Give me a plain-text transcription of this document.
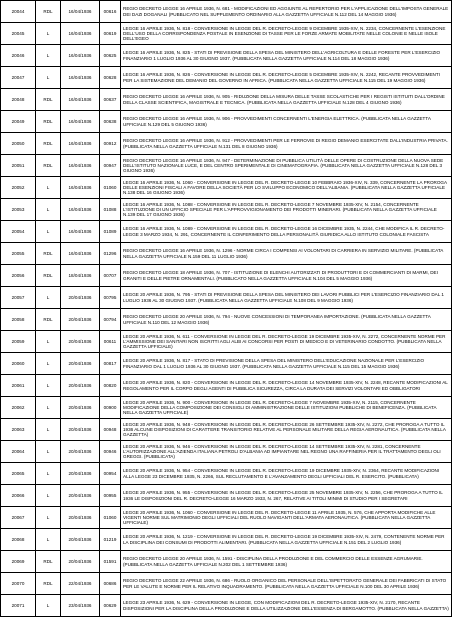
20044	RDL	16/04/1936	00616	REGIO DECRETO LEGGE 16 APRILE 1936, N. 681 - MODIFICAZIONI ED AGGIUNTE AL REPERTORIO PER L'APPLICAZIONE DELL'IMPOSTA GENERALE DEI DAZI DOGANALI (PUBBLICATO NEL SUPPLEMENTO ORDINARIO ALLA GAZZETTA UFFICIALE N.112 DEL 14 MAGGIO 1936)
20045	L	16/04/1936	00619	LEGGE 16 APRILE 1936, N. 818 - CONVERSIONE IN LEGGE DEL R. DECRETO-LEGGE 9 DICEMBRE 1935-XIV, N. 2234, CONCERNENTE L'ESENZIONE DELL'USO DELLA CORRISPONDENZA POSTALE IN ESENZIONE DI TASSE PER LE FORZE ARMATE MOBILITATE NELLE COLONIE E NELLE ISOLE DELL'EGEO
20046	L	16/04/1936	00625	LEGGE 16 APRILE 1936, N. 825 - STATI DI PREVISIONE DELLA SPESA DEL MINISTERO DELL'AGRICOLTURA E DELLE FORESTE PER L'ESERCIZIO FINANZIARIO 1 LUGLIO 1936 AL 30 GIUGNO 1937. (PUBBLICATA NELLA GAZZETTA UFFICIALE N.114 DEL 18 MAGGIO 1936)
20047	L	16/04/1936	00628	LEGGE 16 APRILE 1936, N. 826 - CONVERSIONE IN LEGGE DEL R. DECRETO-LEGGE 5 DICEMBRE 1935-XIV, N. 2242, RECANTE PROVVEDIMENTI PER LA SISTEMAZIONE DEL DEMANIO DEL GOVERNO IN AFRICA. (PUBBLICATA NELLA GAZZETTA UFFICIALE N.115 DEL 19 MAGGIO 1936)
20048	RDL	16/04/1936	00637	REGIO DECRETO LEGGE 16 APRILE 1936, N. 905 - RIDUZIONE DELLA MISURA DELLE TASSE SCOLASTICHE PER I REGISTI ISTITUITI DALL'ORDINE DELLA CLASSE SCIENTIFICA, MAGISTRALE E TECNICA. (PUBBLICATA NELLA GAZZETTA UFFICIALE N.128 DEL 4 GIUGNO 1936)
20049	RDL	16/04/1936	00638	REGIO DECRETO LEGGE 16 APRILE 1936, N. 906 - PROVVEDIMENTI CONCERNENTI L'ENERGIA ELETTRICA. (PUBBLICATA NELLA GAZZETTA UFFICIALE N.129 DEL 5 GIUGNO 1936)
20050	RDL	16/04/1936	00912	REGIO DECRETO LEGGE 16 APRILE 1936, N. 912 - PROVVEDIMENTI PER LE FERROVIE DI REGIO DEMANIO ESERCITATE DALL'INDUSTRIA PRIVATA. (PUBBLICATA NELLA GAZZETTA UFFICIALE N.131 DEL 8 GIUGNO 1936)
20051	RDL	16/04/1936	00947	REGIO DECRETO LEGGE 16 APRILE 1936, N. 947 - DETERMINAZIONE DI PUBBLICA UTILITÀ DELLE OPERE DI COSTRUZIONE DELLA NUOVA SEDE DELL'ISTITUTO NAZIONALE LUCE, E DEL CENTRO SPERIMENTALE DI CINEMATOGRAFIA. (PUBBLICATA NELLA GAZZETTA UFFICIALE N.128 DEL 3 GIUGNO 1936)
20052	L	16/04/1936	01060	LEGGE 16 APRILE 1936, N. 1060 - CONVERSIONE IN LEGGE DEL R. DECRETO-LEGGE 10 FEBBRAIO 1936-XIV, N. 339, CONCERNENTE LA PROROGA DELLE ESENZIONI FISCALI A FAVORE DELLA SOCIETÀ PER LO SVILUPPO ECONOMICO DELL'ALBANIA. (PUBBLICATA NELLA GAZZETTA UFFICIALE N.138 DEL 16 GIUGNO 1936)
20053	L	16/04/1936	01088	LEGGE 16 APRILE 1936, N. 1088 - CONVERSIONE IN LEGGE DEL R. DECRETO-LEGGE 7 NOVEMBRE 1935-XIV, N. 2154, CONCERNENTE L'ISTITUZIONE DI UN UFFICIO SPECIALE PER L'APPROVVIGIONAMENTO DEI PRODOTTI MINERARI. (PUBBLICATA NELLA GAZZETTA UFFICIALE N.139 DEL 17 GIUGNO 1936)
20054	L	16/04/1936	01089	LEGGE 16 APRILE 1936, N. 1089 - CONVERSIONE IN LEGGE DEL R. DECRETO-LEGGE 16 DICEMBRE 1935, N. 2244, CHE MODIFICA IL R. DECRETO-LEGGE 3 MARZO 1934, N. 291, CONCERNENTE IL CONFERIMENTO DELLA PERSONALITÀ GIURIDICA ALLO ISTITUTO COLONIALE FASCISTA
20055	RDL	16/04/1936	01296	REGIO DECRETO LEGGE 16 APRILE 1936, N. 1296 - NORME CIRCA I COMPENSI AI VOLONTARI DI CARRIERA IN SERVIZIO MILITARE. (PUBBLICATA NELLA GAZZETTA UFFICIALE N.159 DEL 11 LUGLIO 1936)
20056	RDL	18/04/1936	00707	REGIO DECRETO LEGGE 18 APRILE 1936, N. 707 - ISTITUZIONE DI ELENCHI AUTORIZZATI DI PRODUTTORI E DI COMMERCIANTI DI MARMI, DEI GRANITI E DELLE PIETRE ORNAMENTALI. (PUBBLICATO NELLA GAZZETTA UFFICIALE N.104 DEL 5 MAGGIO 1936)
20057	L	20/04/1936	00795	LEGGE 20 APRILE 1936, N. 795 - STATI DI PREVISIONE DELLA SPESA DEL MINISTERO DEI LAVORI PUBBLICI PER L'ESERCIZIO FINANZIARIO DAL 1 LUGLIO 1936 AL 30 GIUGNO 1937. (PUBBLICATA NELLA GAZZETTA UFFICIALE N.108 DEL 9 MAGGIO 1936)
20058	RDL	20/04/1936	00794	REGIO DECRETO LEGGE 20 APRILE 1936, N. 794 - NUOVE CONCESSIONI DI TEMPORANEA IMPORTAZIONE. (PUBBLICATA NELLA GAZZETTA UFFICIALE N.110 DEL 12 MAGGIO 1936)
20059	L	20/04/1936	00611	LEGGE 20 APRILE 1936, N. 611 - CONVERSIONE IN LEGGE DEL R. DECRETO-LEGGE 19 DICEMBRE 1935-XIV, N. 2272, CONCERNENTE NORME PER L'AMMISSIONE DEI SANITARI NON ISCRITTI AGLI ALBI AI CONCORSI PER POSTI DI MEDICO E DI VETERINARIO CONDOTTO. (PUBBLICATA NELLA GAZZETTA UFFICIALE)
20060	L	20/04/1936	00817	LEGGE 20 APRILE 1936, N. 817 - STATO DI PREVISIONE DELLA SPESA DEL MINISTERO DELL'EDUCAZIONE NAZIONALE PER L'ESERCIZIO FINANZIARIO DAL 1 LUGLIO 1936 AL 30 GIUGNO 1937. (PUBBLICATA NELLA GAZZETTA UFFICIALE N.115 DEL 15 MAGGIO 1936)
20061	L	20/04/1936	00820	LEGGE 20 APRILE 1936, N. 820 - CONVERSIONE IN LEGGE DEL R. DECRETO-LEGGE 14 NOVEMBRE 1935-XIV, N. 2248, RECANTE MODIFICAZIONI AL REGOLAMENTO PER IL CORPO DEGLI AGENTI DI PUBBLICA SICUREZZA, CIRCA LA DURATA DEI SERVIZI VOLONTARI ED OBBLIGATORI
20062	L	20/04/1936	00900	LEGGE 20 APRILE 1936, N. 900 - CONVERSIONE IN LEGGE DEL R. DECRETO-LEGGE 7 NOVEMBRE 1935-XIV, N. 2115, CONCERNENTE MODIFICAZIONE DELLA COMPOSIZIONE DEI CONSIGLI DI AMMINISTRAZIONE DELLE ISTITUZIONI PUBBLICHE DI BENEFICENZA. (PUBBLICATA NELLA GAZZETTA UFFICIALE)
20063	L	20/04/1936	00948	LEGGE 20 APRILE 1936, N. 948 - CONVERSIONE IN LEGGE DEL R. DECRETO-LEGGE 26 SETTEMBRE 1935-XIV, N. 2272, CHE PROROGA A TUTTO IL 1936 ALCUNE DISPOSIZIONI DI CARATTERE TRANSITORIO RELATIVE AL PERSONALE MILITARE DELLA REGIA AERONAUTICA. (PUBBLICATA NELLA GAZZETTA)
20064	L	20/04/1936	00946	LEGGE 20 APRILE 1936, N. 946 - CONVERSIONE IN LEGGE DEL R. DECRETO-LEGGE 14 SETTEMBRE 1935-XIV, N. 2281, CONCERNENTE L'AUTORIZZAZIONE ALL'AZIENDA ITALIANA PETROLI D'ALBANIA AD IMPIANTARE NEL REGNO UNA RAFFINERIA PER IL TRATTAMENTO DEGLI OLI GREGGI. (PUBBLICATA)
20065	L	20/04/1936	00954	LEGGE 20 APRILE 1936, N. 954 - CONVERSIONE IN LEGGE DEL R. DECRETO-LEGGE 19 DICEMBRE 1935-XIV, N. 2364, RECANTE MODIFICAZIONI ALLA LEGGE 23 DICEMBRE 1935, N. 2266, SUL RECLUTAMENTO E L'AVANZAMENTO DEGLI UFFICIALI DEL R. ESERCITO. (PUBBLICATA)
20066	L	20/04/1936	00955	LEGGE 20 APRILE 1936, N. 955 - CONVERSIONE IN LEGGE DEL R. DECRETO-LEGGE 25 NOVEMBRE 1935-XIV, N. 2256, CHE PROROGA A TUTTO IL 1936 LE DISPOSIZIONI DEL R. DECRETO-LEGGE 16 MARZO 1933, N. 267, RELATIVE AI TITOLI MINIMI DI STUDIO PER I SEGRETARI
20067	L	20/04/1936	01060	LEGGE 20 APRILE 1936, N. 1060 - CONVERSIONE IN LEGGE DEL R. DECRETO-LEGGE 11 APRILE 1935, N. 576, CHE APPORTA MODIFICHE ALLE VIGENTI NORME SUL MATRIMONIO DEGLI UFFICIALI DEL RUOLO NAVIGANTI DELL'ARMATA AERONAUTICA. (PUBBLICATA NELLA GAZZETTA UFFICIALE)
20068	L	20/04/1936	01219	LEGGE 20 APRILE 1936, N. 1219 - CONVERSIONE IN LEGGE DEL R. DECRETO-LEGGE 19 DICEMBRE 1935-XIV, N. 2479, CONTENENTE NORME PER LA DISCIPLINA DEI CONSUMI DI PRODOTTI ALIMENTARI. (PUBBLICATA NELLA GAZZETTA UFFICIALE N.151 DEL 2 LUGLIO 1936)
20069	RDL	20/04/1936	01591	REGIO DECRETO LEGGE 20 APRILE 1936, N. 1591 - DISCIPLINA DELLA PRODUZIONE E DEL COMMERCIO DELLE ESSENZE AGRUMARIE. (PUBBLICATA NELLA GAZZETTA UFFICIALE N.202 DEL 1 SETTEMBRE 1936)
20070	RDL	22/04/1936	00686	REGIO DECRETO LEGGE 22 APRILE 1936, N. 686 - RUOLO ORGANICO DEL PERSONALE DELL'ISPETTORATO GENERALE DEI FABBRICATI DI STATO PER LE VALUTE E NORME PER IL RELATIVO INQUADRAMENTO. (PUBBLICATA NELLA GAZZETTA UFFICIALE N.100 DEL 30 APRILE 1936)
20071	L	23/04/1936	00629	LEGGE 23 APRILE 1936, N. 629 - CONVERSIONE IN LEGGE, CON MODIFICAZIONI DEL R. DECRETO-LEGGE 1935-XIV, N. 2170, RECANTE DISPOSIZIONI PER LA DISCIPLINA DELLA PRODUZIONE E DELLA UTILIZZAZIONE DELL'ESSENZA DI BERGAMOTTO. (PUBBLICATA NELLA GAZZETTA)
